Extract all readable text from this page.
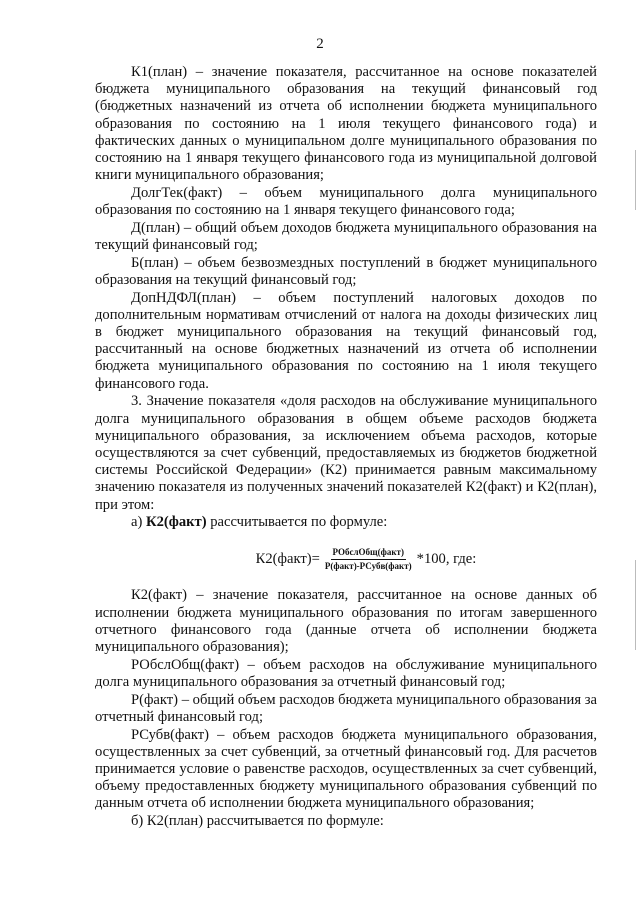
2

К1(план) – значение показателя, рассчитанное на основе показателей бюджета муниципального образования на текущий финансовый год (бюджетных назначений из отчета об исполнении бюджета муниципального образования по состоянию на 1 июля текущего финансового года) и фактических данных о муниципальном долге муниципального образования по состоянию на 1 января текущего финансового года из муниципальной долговой книги муниципального образования;

ДолгТек(факт) – объем муниципального долга муниципального образования по состоянию на 1 января текущего финансового года;

Д(план) – общий объем доходов бюджета муниципального образования на текущий финансовый год;

Б(план) – объем безвозмездных поступлений в бюджет муниципального образования на текущий финансовый год;

ДопНДФЛ(план) – объем поступлений налоговых доходов по дополнительным нормативам отчислений от налога на доходы физических лиц в бюджет муниципального образования на текущий финансовый год, рассчитанный на основе бюджетных назначений из отчета об исполнении бюджета муниципального образования по состоянию на 1 июля текущего финансового года.

3. Значение показателя «доля расходов на обслуживание муниципального долга муниципального образования в общем объеме расходов бюджета муниципального образования, за исключением объема расходов, которые осуществляются за счет субвенций, предоставляемых из бюджетов бюджетной системы Российской Федерации» (К2) принимается равным максимальному значению показателя из полученных значений показателей К2(факт) и К2(план), при этом:

а) К2(факт) рассчитывается по формуле:

К2(факт)= $\frac{\text{РОбслОбщ(факт)}}{\text{Р(факт)-РСубв(факт)}} *100$, где:

К2(факт) – значение показателя, рассчитанное на основе данных об исполнении бюджета муниципального образования по итогам завершенного отчетного финансового года (данные отчета об исполнении бюджета муниципального образования);

РОбслОбщ(факт) – объем расходов на обслуживание муниципального долга муниципального образования за отчетный финансовый год;

Р(факт) – общий объем расходов бюджета муниципального образования за отчетный финансовый год;

РСубв(факт) – объем расходов бюджета муниципального образования, осуществленных за счет субвенций, за отчетный финансовый год. Для расчетов принимается условие о равенстве расходов, осуществленных за счет субвенций, объему предоставленных бюджету муниципального образования субвенций по данным отчета об исполнении бюджета муниципального образования;

б) К2(план) рассчитывается по формуле:
